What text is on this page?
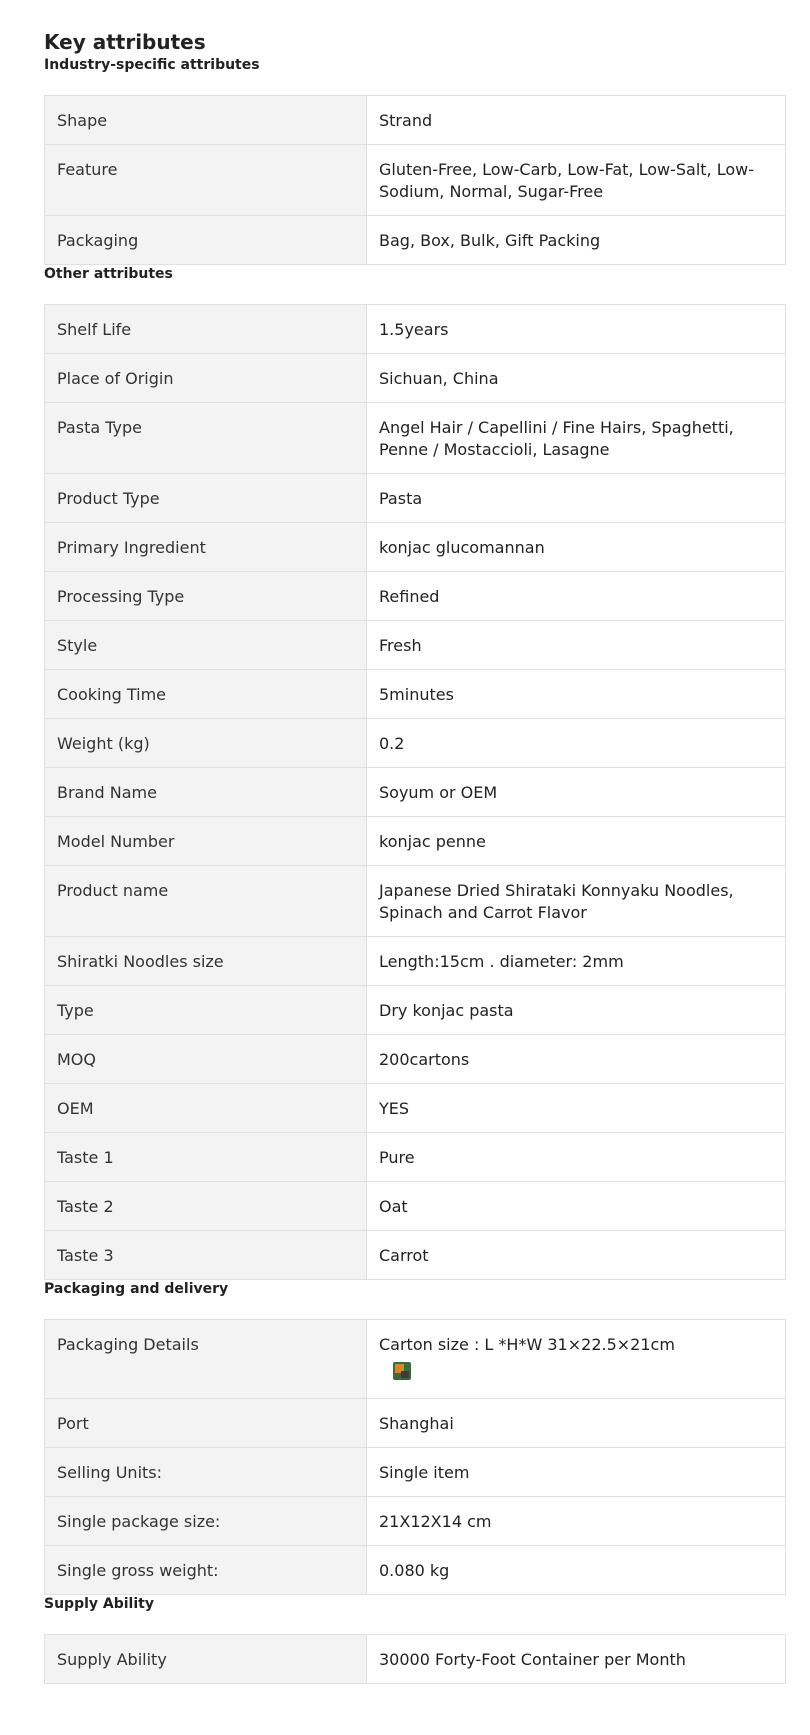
Key attributes
Industry-specific attributes
Shape	Strand
Feature	Gluten-Free, Low-Carb, Low-Fat, Low-Salt, Low-Sodium, Normal, Sugar-Free
Packaging	Bag, Box, Bulk, Gift Packing
Other attributes
Shelf Life	1.5years
Place of Origin	Sichuan, China
Pasta Type	Angel Hair / Capellini / Fine Hairs, Spaghetti, Penne / Mostaccioli, Lasagne
Product Type	Pasta
Primary Ingredient	konjac glucomannan
Processing Type	Refined
Style	Fresh
Cooking Time	5minutes
Weight (kg)	0.2
Brand Name	Soyum or OEM
Model Number	konjac penne
Product name	Japanese Dried Shirataki Konnyaku Noodles, Spinach and Carrot Flavor
Shiratki Noodles size	Length:15cm . diameter: 2mm
Type	Dry konjac pasta
MOQ	200cartons
OEM	YES
Taste 1	Pure
Taste 2	Oat
Taste 3	Carrot
Packaging and delivery
Packaging Details	Carton size : L *H*W 31×22.5×21cm

Port	Shanghai
Selling Units:	Single item
Single package size:	21X12X14 cm
Single gross weight:	0.080 kg
Supply Ability
Supply Ability	30000 Forty-Foot Container per Month
